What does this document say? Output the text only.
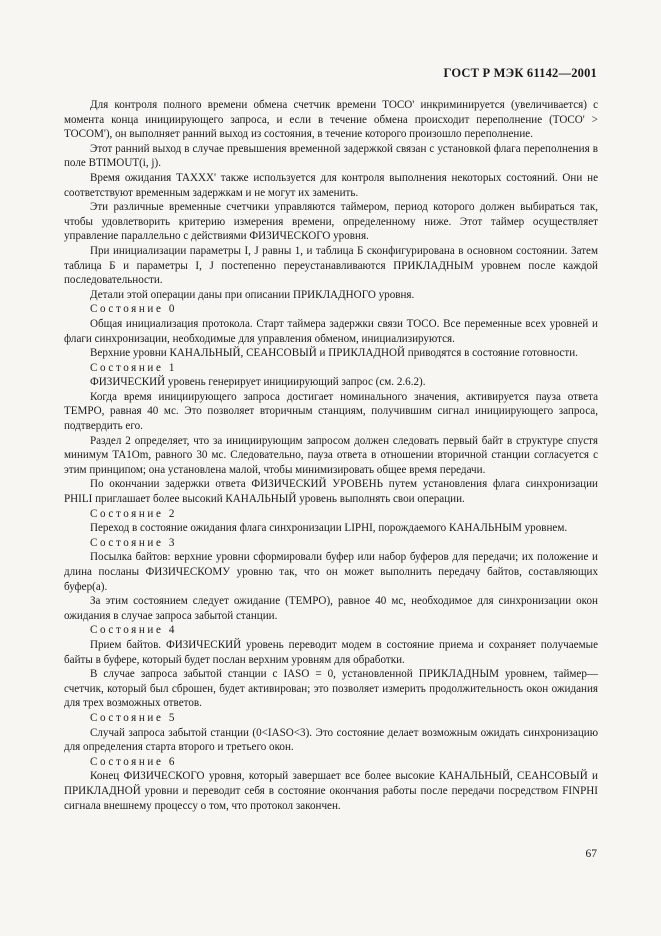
ГОСТ Р МЭК 61142—2001

Для контроля полного времени обмена счетчик времени TOCO' инкриминируется (увеличивается) с момента конца инициирующего запроса, и если в течение обмена происходит переполнение (TOCO' > TOCOM'), он выполняет ранний выход из состояния, в течение которого произошло переполнение.

Этот ранний выход в случае превышения временной задержкой связан с установкой флага переполнения в поле BTIMOUT(i, j).

Время ожидания TAXXX' также используется для контроля выполнения некоторых состояний. Они не соответствуют временным задержкам и не могут их заменить.

Эти различные временные счетчики управляются таймером, период которого должен выбираться так, чтобы удовлетворить критерию измерения времени, определенному ниже. Этот таймер осуществляет управление параллельно с действиями ФИЗИЧЕСКОГО уровня.

При инициализации параметры I, J равны 1, и таблица Б сконфигурирована в основном состоянии. Затем таблица Б и параметры I, J постепенно переустанавливаются ПРИКЛАДНЫМ уровнем после каждой последовательности.

Детали этой операции даны при описании ПРИКЛАДНОГО уровня.

Состояние 0

Общая инициализация протокола. Старт таймера задержки связи TOCO. Все переменные всех уровней и флаги синхронизации, необходимые для управления обменом, инициализируются.

Верхние уровни КАНАЛЬНЫЙ, СЕАНСОВЫЙ и ПРИКЛАДНОЙ приводятся в состояние готовности.

Состояние 1

ФИЗИЧЕСКИЙ уровень генерирует инициирующий запрос (см. 2.6.2).

Когда время инициирующего запроса достигает номинального значения, активируется пауза ответа TEMPO, равная 40 мс. Это позволяет вторичным станциям, получившим сигнал инициирующего запроса, подтвердить его.

Раздел 2 определяет, что за инициирующим запросом должен следовать первый байт в структуре спустя минимум TA1Om, равного 30 мс. Следовательно, пауза ответа в отношении вторичной станции согласуется с этим принципом; она установлена малой, чтобы минимизировать общее время передачи.

По окончании задержки ответа ФИЗИЧЕСКИЙ УРОВЕНЬ путем установления флага синхронизации PHILI приглашает более высокий КАНАЛЬНЫЙ уровень выполнять свои операции.

Состояние 2

Переход в состояние ожидания флага синхронизации LIPHI, порождаемого КАНАЛЬНЫМ уровнем.

Состояние 3

Посылка байтов: верхние уровни сформировали буфер или набор буферов для передачи; их положение и длина посланы ФИЗИЧЕСКОМУ уровню так, что он может выполнить передачу байтов, составляющих буфер(а).

За этим состоянием следует ожидание (TEMPO), равное 40 мс, необходимое для синхронизации окон ожидания в случае запроса забытой станции.

Состояние 4

Прием байтов. ФИЗИЧЕСКИЙ уровень переводит модем в состояние приема и сохраняет получаемые байты в буфере, который будет послан верхним уровням для обработки.

В случае запроса забытой станции с IASO = 0, установленной ПРИКЛАДНЫМ уровнем, таймер—счетчик, который был сброшен, будет активирован; это позволяет измерить продолжительность окон ожидания для трех возможных ответов.

Состояние 5

Случай запроса забытой станции (0<IASO<3). Это состояние делает возможным ожидать синхронизацию для определения старта второго и третьего окон.

Состояние 6

Конец ФИЗИЧЕСКОГО уровня, который завершает все более высокие КАНАЛЬНЫЙ, СЕАНСОВЫЙ и ПРИКЛАДНОЙ уровни и переводит себя в состояние окончания работы после передачи посредством FINPHI сигнала внешнему процессу о том, что протокол закончен.

67
